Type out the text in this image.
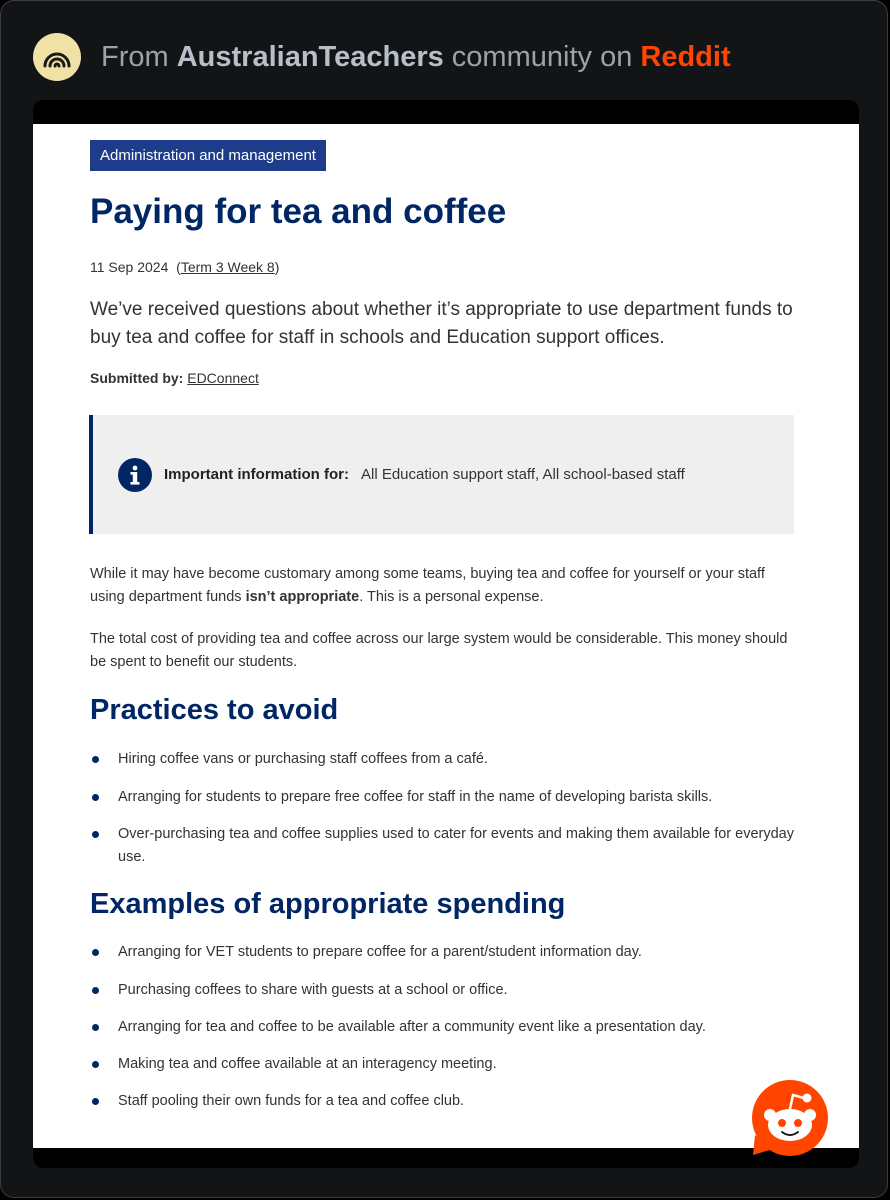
From AustralianTeachers community on Reddit
Administration and management
Paying for tea and coffee
11 Sep 2024 (Term 3 Week 8)
We’ve received questions about whether it’s appropriate to use department funds to buy tea and coffee for staff in schools and Education support offices.
Submitted by: EDConnect
Important information for: All Education support staff, All school-based staff
While it may have become customary among some teams, buying tea and coffee for yourself or your staff using department funds isn’t appropriate. This is a personal expense.
The total cost of providing tea and coffee across our large system would be considerable. This money should be spent to benefit our students.
Practices to avoid
Hiring coffee vans or purchasing staff coffees from a café.
Arranging for students to prepare free coffee for staff in the name of developing barista skills.
Over-purchasing tea and coffee supplies used to cater for events and making them available for everyday use.
Examples of appropriate spending
Arranging for VET students to prepare coffee for a parent/student information day.
Purchasing coffees to share with guests at a school or office.
Arranging for tea and coffee to be available after a community event like a presentation day.
Making tea and coffee available at an interagency meeting.
Staff pooling their own funds for a tea and coffee club.
